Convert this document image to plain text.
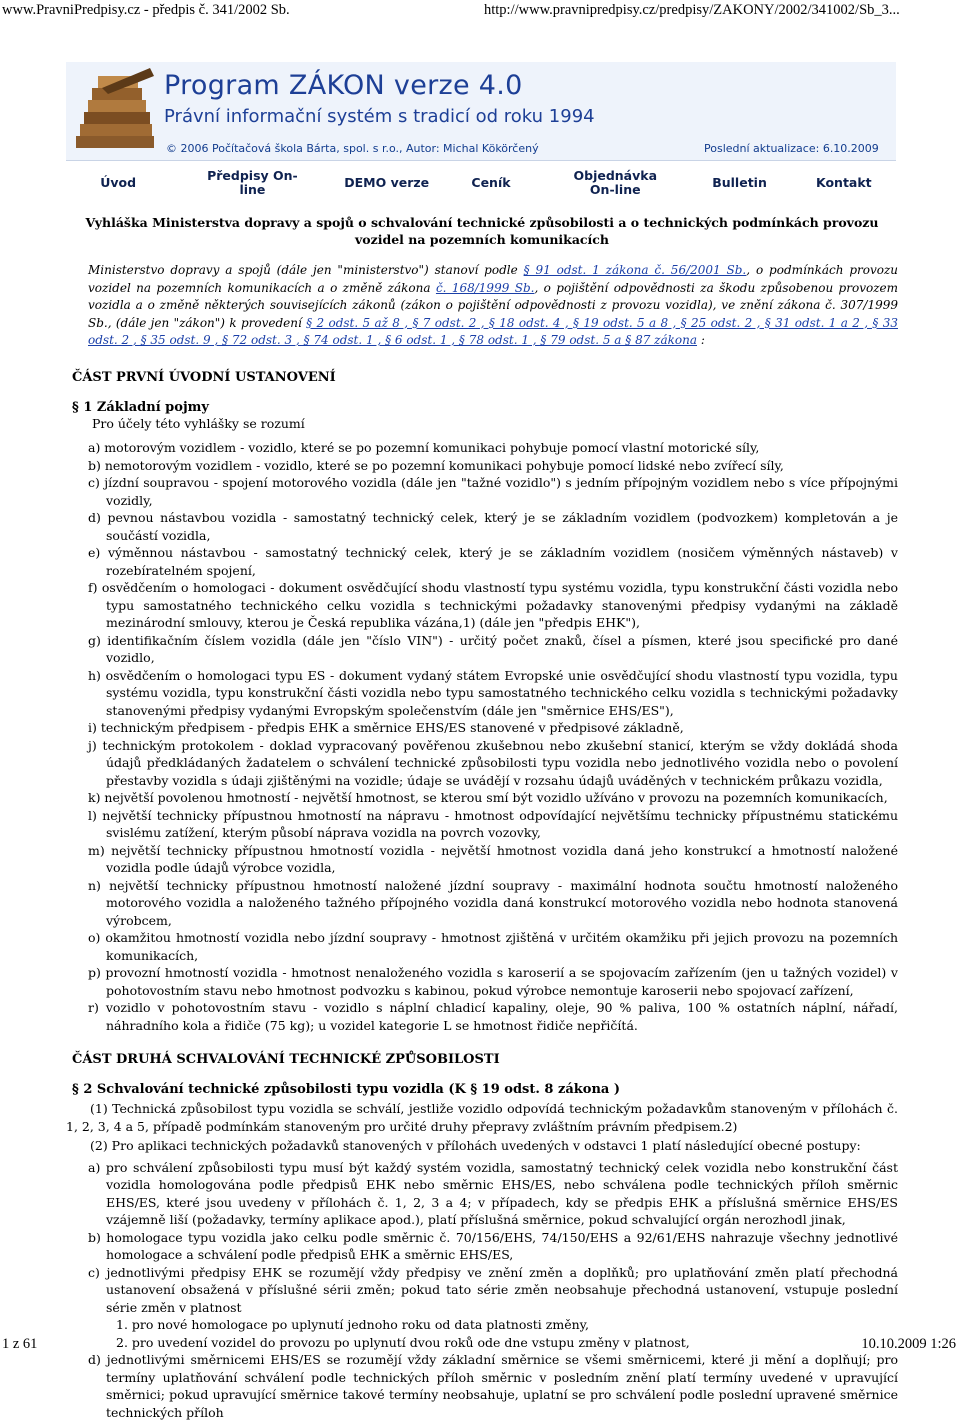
www.PravniPredpisy.cz - předpis č. 341/2002 Sb.	http://www.pravnipredpisy.cz/predpisy/ZAKONY/2002/341002/Sb_3...
Program ZÁKON verze 4.0
Právní informační systém s tradicí od roku 1994
© 2006 Počítačová škola Bárta, spol. s r.o., Autor: Michal Kökörčený	Poslední aktualizace: 6.10.2009
Úvod	Předpisy On-line	DEMO verze	Ceník	Objednávka On-line	Bulletin	Kontakt
Vyhláška Ministerstva dopravy a spojů o schvalování technické způsobilosti a o technických podmínkách provozu vozidel na pozemních komunikacích
Ministerstvo dopravy a spojů (dále jen "ministerstvo") stanoví podle § 91 odst. 1 zákona č. 56/2001 Sb., o podmínkách provozu vozidel na pozemních komunikacích a o změně zákona č. 168/1999 Sb., o pojištění odpovědnosti za škodu způsobenou provozem vozidla a o změně některých souvisejících zákonů (zákon o pojištění odpovědnosti z provozu vozidla), ve znění zákona č. 307/1999 Sb., (dále jen "zákon") k provedení § 2 odst. 5 až 8 , § 7 odst. 2 , § 18 odst. 4 , § 19 odst. 5 a 8 , § 25 odst. 2 , § 31 odst. 1 a 2 , § 33 odst. 2 , § 35 odst. 9 , § 72 odst. 3 , § 74 odst. 1 , § 6 odst. 1 , § 78 odst. 1 , § 79 odst. 5 a § 87 zákona :
ČÁST PRVNÍ ÚVODNÍ USTANOVENÍ
§ 1 Základní pojmy
Pro účely této vyhlášky se rozumí
a) motorovým vozidlem - vozidlo, které se po pozemní komunikaci pohybuje pomocí vlastní motorické síly,
b) nemotorovým vozidlem - vozidlo, které se po pozemní komunikaci pohybuje pomocí lidské nebo zvířecí síly,
c) jízdní soupravou - spojení motorového vozidla (dále jen "tažné vozidlo") s jedním přípojným vozidlem nebo s více přípojnými vozidly,
d) pevnou nástavbou vozidla - samostatný technický celek, který je se základním vozidlem (podvozkem) kompletován a je součástí vozidla,
e) výměnnou nástavbou - samostatný technický celek, který je se základním vozidlem (nosičem výměnných nástaveb) v rozebíratelném spojení,
f) osvědčením o homologaci - dokument osvědčující shodu vlastností typu systému vozidla, typu konstrukční části vozidla nebo typu samostatného technického celku vozidla s technickými požadavky stanovenými předpisy vydanými na základě mezinárodní smlouvy, kterou je Česká republika vázána,1) (dále jen "předpis EHK"),
g) identifikačním číslem vozidla (dále jen "číslo VIN") - určitý počet znaků, čísel a písmen, které jsou specifické pro dané vozidlo,
h) osvědčením o homologaci typu ES - dokument vydaný státem Evropské unie osvědčující shodu vlastností typu vozidla, typu systému vozidla, typu konstrukční části vozidla nebo typu samostatného technického celku vozidla s technickými požadavky stanovenými předpisy vydanými Evropským společenstvím (dále jen "směrnice EHS/ES"),
i) technickým předpisem - předpis EHK a směrnice EHS/ES stanovené v předpisové základně,
j) technickým protokolem - doklad vypracovaný pověřenou zkušebnou nebo zkušební stanicí, kterým se vždy dokládá shoda údajů předkládaných žadatelem o schválení technické způsobilosti typu vozidla nebo jednotlivého vozidla nebo o povolení přestavby vozidla s údaji zjištěnými na vozidle; údaje se uvádějí v rozsahu údajů uváděných v technickém průkazu vozidla,
k) největší povolenou hmotností - největší hmotnost, se kterou smí být vozidlo užíváno v provozu na pozemních komunikacích,
l) největší technicky přípustnou hmotností na nápravu - hmotnost odpovídající největšímu technicky přípustnému statickému svislému zatížení, kterým působí náprava vozidla na povrch vozovky,
m) největší technicky přípustnou hmotností vozidla - největší hmotnost vozidla daná jeho konstrukcí a hmotností naložené vozidla podle údajů výrobce vozidla,
n) největší technicky přípustnou hmotností naložené jízdní soupravy - maximální hodnota součtu hmotností naloženého motorového vozidla a naloženého tažného přípojného vozidla daná konstrukcí motorového vozidla nebo hodnota stanovená výrobcem,
o) okamžitou hmotností vozidla nebo jízdní soupravy - hmotnost zjištěná v určitém okamžiku při jejich provozu na pozemních komunikacích,
p) provozní hmotností vozidla - hmotnost nenaloženého vozidla s karoserií a se spojovacím zařízením (jen u tažných vozidel) v pohotovostním stavu nebo hmotnost podvozku s kabinou, pokud výrobce nemontuje karoserii nebo spojovací zařízení,
r) vozidlo v pohotovostním stavu - vozidlo s náplní chladicí kapaliny, oleje, 90 % paliva, 100 % ostatních náplní, nářadí, náhradního kola a řidiče (75 kg); u vozidel kategorie L se hmotnost řidiče nepřičítá.
ČÁST DRUHÁ SCHVALOVÁNÍ TECHNICKÉ ZPŮSOBILOSTI
§ 2 Schvalování technické způsobilosti typu vozidla (K § 19 odst. 8 zákona )
(1) Technická způsobilost typu vozidla se schválí, jestliže vozidlo odpovídá technickým požadavkům stanoveným v přílohách č. 1, 2, 3, 4 a 5, případě podmínkám stanoveným pro určité druhy přepravy zvláštním právním předpisem.2)
(2) Pro aplikaci technických požadavků stanovených v přílohách uvedených v odstavci 1 platí následující obecné postupy:
a) pro schválení způsobilosti typu musí být každý systém vozidla, samostatný technický celek vozidla nebo konstrukční část vozidla homologována podle předpisů EHK nebo směrnic EHS/ES, nebo schválena podle technických příloh směrnic EHS/ES, které jsou uvedeny v přílohách č. 1, 2, 3 a 4; v případech, kdy se předpis EHK a příslušná směrnice EHS/ES vzájemně liší (požadavky, termíny aplikace apod.), platí příslušná směrnice, pokud schvalující orgán nerozhodl jinak,
b) homologace typu vozidla jako celku podle směrnic č. 70/156/EHS, 74/150/EHS a 92/61/EHS nahrazuje všechny jednotlivé homologace a schválení podle předpisů EHK a směrnic EHS/ES,
c) jednotlivými předpisy EHK se rozumějí vždy předpisy ve znění změn a doplňků; pro uplatňování změn platí přechodná ustanovení obsažená v příslušné sérii změn; pokud tato série změn neobsahuje přechodná ustanovení, vstupuje poslední série změn v platnost
1. pro nové homologace po uplynutí jednoho roku od data platnosti změny,
2. pro uvedení vozidel do provozu po uplynutí dvou roků ode dne vstupu změny v platnost,
d) jednotlivými směrnicemi EHS/ES se rozumějí vždy základní směrnice se všemi směrnicemi, které ji mění a doplňují; pro termíny uplatňování schválení podle technických příloh směrnic v posledním znění platí termíny uvedené v upravující směrnici; pokud upravující směrnice takové termíny neobsahuje, uplatní se pro schválení podle poslední upravené směrnice technických příloh
1 z 61	10.10.2009 1:26
